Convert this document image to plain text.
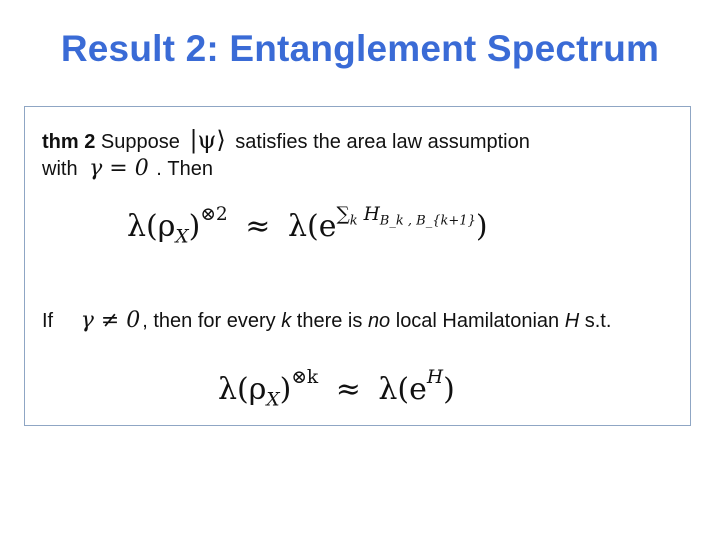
Result 2: Entanglement Spectrum
thm 2 Suppose |ψ⟩ satisfies the area law assumption
with γ = 0 . Then
$\lambda(\rho_X)^{\otimes 2} \approx \lambda(e^{\sum_k H_{B\_k , B\_\{k+1\}}})$
If γ ≠ 0 , then for every k there is no local Hamilatonian H s.t.
$\lambda(\rho_X)^{\otimes k} \approx \lambda(e^H)$
